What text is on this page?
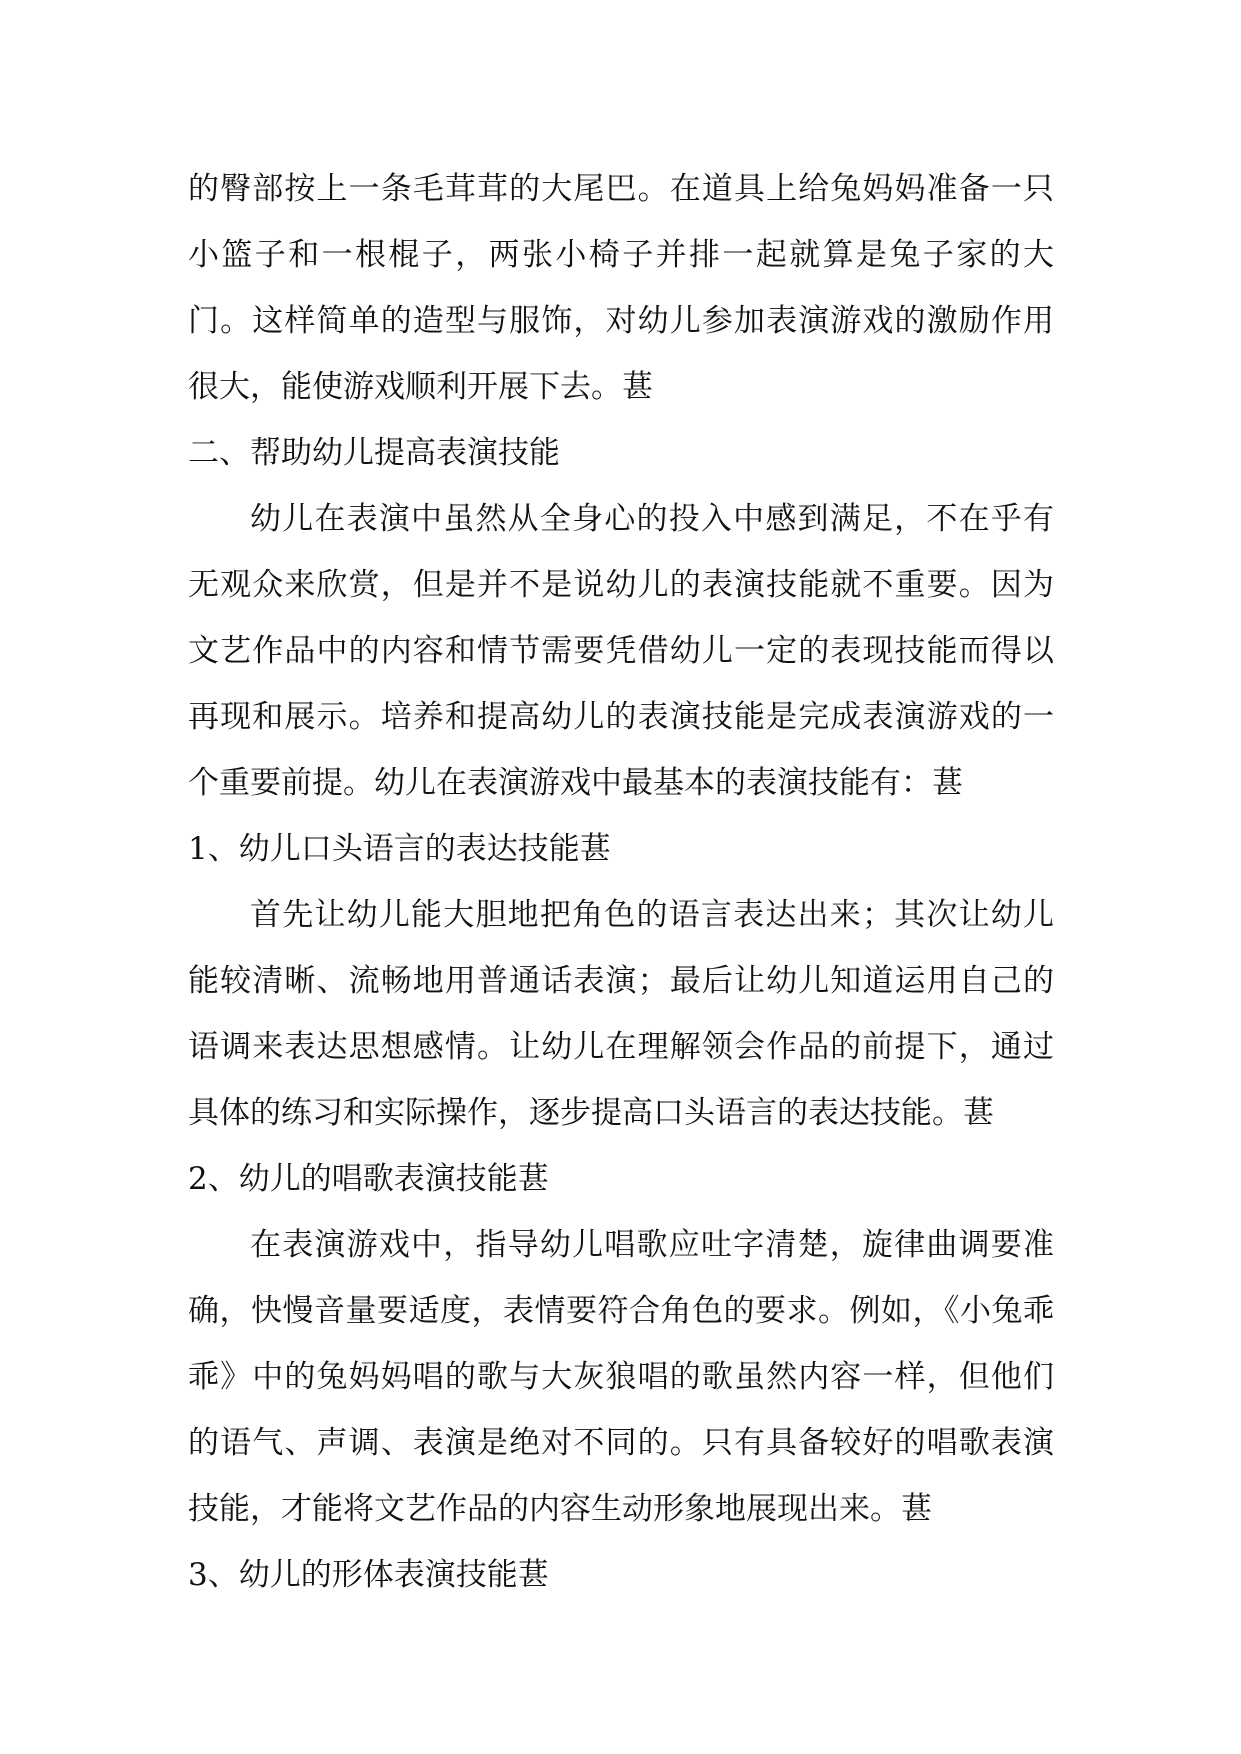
的臀部按上一条毛茸茸的大尾巴。在道具上给兔妈妈准备一只小篮子和一根棍子，两张小椅子并排一起就算是兔子家的大门。这样简单的造型与服饰，对幼儿参加表演游戏的激励作用很大，能使游戏顺利开展下去。葚

二、帮助幼儿提高表演技能

幼儿在表演中虽然从全身心的投入中感到满足，不在乎有无观众来欣赏，但是并不是说幼儿的表演技能就不重要。因为文艺作品中的内容和情节需要凭借幼儿一定的表现技能而得以再现和展示。培养和提高幼儿的表演技能是完成表演游戏的一个重要前提。幼儿在表演游戏中最基本的表演技能有：葚

1、幼儿口头语言的表达技能葚

首先让幼儿能大胆地把角色的语言表达出来；其次让幼儿能较清晰、流畅地用普通话表演；最后让幼儿知道运用自己的语调来表达思想感情。让幼儿在理解领会作品的前提下，通过具体的练习和实际操作，逐步提高口头语言的表达技能。葚

2、幼儿的唱歌表演技能葚

在表演游戏中，指导幼儿唱歌应吐字清楚，旋律曲调要准确，快慢音量要适度，表情要符合角色的要求。例如，《小兔乖乖》中的兔妈妈唱的歌与大灰狼唱的歌虽然内容一样，但他们的语气、声调、表演是绝对不同的。只有具备较好的唱歌表演技能，才能将文艺作品的内容生动形象地展现出来。葚

3、幼儿的形体表演技能葚
